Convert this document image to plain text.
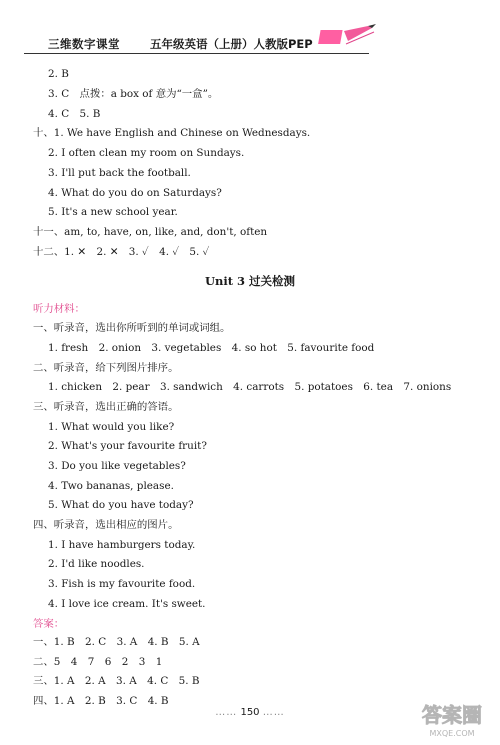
三维数字课堂	五年级英语（上册）人教版PEP
2. B
3. C　点拨：a box of 意为“一盒”。
4. C　5. B
十、1. We have English and Chinese on Wednesdays.
2. I often clean my room on Sundays.
3. I'll put back the football.
4. What do you do on Saturdays?
5. It's a new school year.
十一、am, to, have, on, like, and, don't, often
十二、1. ✕　2. ✕　3. ✓　4. ✓　5. ✓
Unit 3 过关检测
听力材料：
一、听录音，选出你所听到的单词或词组。
1. fresh　2. onion　3. vegetables　4. so hot　5. favourite food
二、听录音，给下列图片排序。
1. chicken　2. pear　3. sandwich　4. carrots　5. potatoes　6. tea　7. onions
三、听录音，选出正确的答语。
1. What would you like?
2. What's your favourite fruit?
3. Do you like vegetables?
4. Two bananas, please.
5. What do you have today?
四、听录音，选出相应的图片。
1. I have hamburgers today.
2. I'd like noodles.
3. Fish is my favourite food.
4. I love ice cream. It's sweet.
答案：
一、1. B　2. C　3. A　4. B　5. A
二、5　4　7　6　2　3　1
三、1. A　2. A　3. A　4. C　5. B
四、1. A　2. B　3. C　4. B
…… 150 ……	答案圈
MXQE.COM
